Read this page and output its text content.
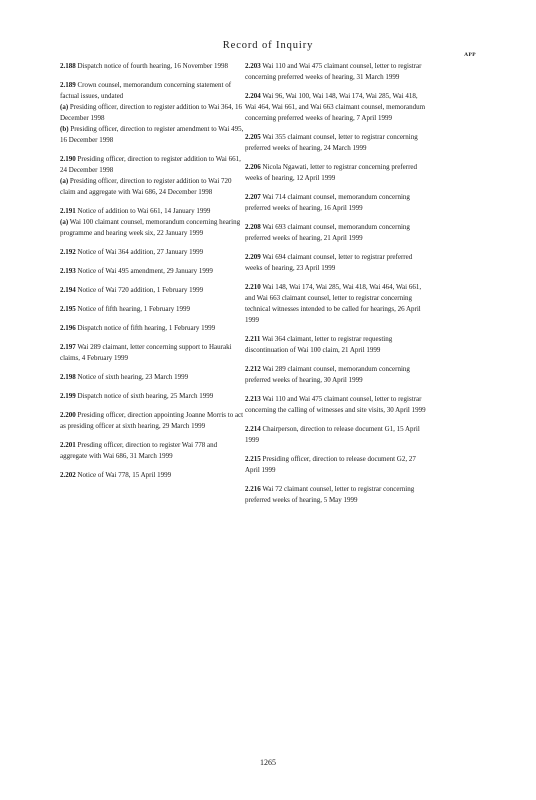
Record of Inquiry
APP
2.188 Dispatch notice of fourth hearing, 16 November 1998
2.189 Crown counsel, memorandum concerning statement of factual issues, undated
(a) Presiding officer, direction to register addition to Wai 364, 16 December 1998
(b) Presiding officer, direction to register amendment to Wai 495, 16 December 1998
2.190 Presiding officer, direction to register addition to Wai 661, 24 December 1998
(a) Presiding officer, direction to register addition to Wai 720 claim and aggregate with Wai 686, 24 December 1998
2.191 Notice of addition to Wai 661, 14 January 1999
(a) Wai 100 claimant counsel, memorandum concerning hearing programme and hearing week six, 22 January 1999
2.192 Notice of Wai 364 addition, 27 January 1999
2.193 Notice of Wai 495 amendment, 29 January 1999
2.194 Notice of Wai 720 addition, 1 February 1999
2.195 Notice of fifth hearing, 1 February 1999
2.196 Dispatch notice of fifth hearing, 1 February 1999
2.197 Wai 289 claimant, letter concerning support to Hauraki claims, 4 February 1999
2.198 Notice of sixth hearing, 23 March 1999
2.199 Dispatch notice of sixth hearing, 25 March 1999
2.200 Presiding officer, direction appointing Joanne Morris to act as presiding officer at sixth hearing, 29 March 1999
2.201 Presding officer, direction to register Wai 778 and aggregate with Wai 686, 31 March 1999
2.202 Notice of Wai 778, 15 April 1999
2.203 Wai 110 and Wai 475 claimant counsel, letter to registrar concerning preferred weeks of hearing, 31 March 1999
2.204 Wai 96, Wai 100, Wai 148, Wai 174, Wai 285, Wai 418, Wai 464, Wai 661, and Wai 663 claimant counsel, memorandum concerning preferred weeks of hearing, 7 April 1999
2.205 Wai 355 claimant counsel, letter to registrar concerning preferred weeks of hearing, 24 March 1999
2.206 Nicola Ngawati, letter to registrar concerning preferred weeks of hearing, 12 April 1999
2.207 Wai 714 claimant counsel, memorandum concerning preferred weeks of hearing, 16 April 1999
2.208 Wai 693 claimant counsel, memorandum concerning preferred weeks of hearing, 21 April 1999
2.209 Wai 694 claimant counsel, letter to registrar preferred weeks of hearing, 23 April 1999
2.210 Wai 148, Wai 174, Wai 285, Wai 418, Wai 464, Wai 661, and Wai 663 claimant counsel, letter to registrar concerning technical witnesses intended to be called for hearings, 26 April 1999
2.211 Wai 364 claimant, letter to registrar requesting discontinuation of Wai 100 claim, 21 April 1999
2.212 Wai 289 claimant counsel, memorandum concerning preferred weeks of hearing, 30 April 1999
2.213 Wai 110 and Wai 475 claimant counsel, letter to registrar concerning the calling of witnesses and site visits, 30 April 1999
2.214 Chairperson, direction to release document G1, 15 April 1999
2.215 Presiding officer, direction to release document G2, 27 April 1999
2.216 Wai 72 claimant counsel, letter to registrar concerning preferred weeks of hearing, 5 May 1999
1265
